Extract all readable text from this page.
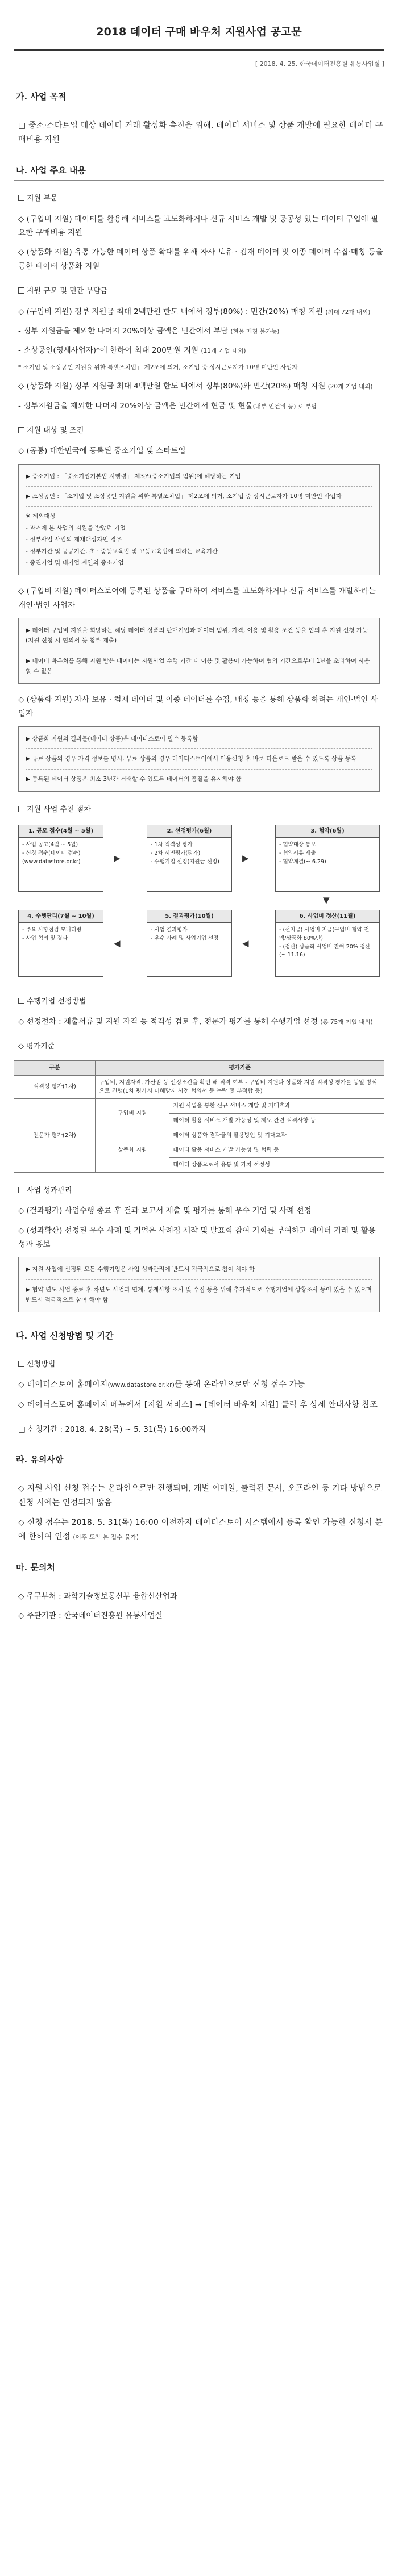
2018 데이터 구매 바우처 지원사업 공고문
[ 2018. 4. 25. 한국데이터진흥원 유통사업실 ]
가. 사업 목적
□ 중소·스타트업 대상 데이터 거래 활성화 촉진을 위해, 데이터 서비스 및 상품 개발에 필요한 데이터 구매비용 지원
나. 사업 주요 내용
지원 부문
◇ (구입비 지원) 데이터를 활용해 서비스를 고도화하거나 신규 서비스 개발 및 공공성 있는 데이터 구입에 필요한 구매비용 지원
◇ (상품화 지원) 유통 가능한 데이터 상품 확대를 위해 자사 보유 · 컴재 데이터 및 이종 데이터 수집·매칭 등을 통한 데이터 상품화 지원
지원 규모 및 민간 부담금
◇ (구입비 지원) 정부 지원금 최대 2백만원 한도 내에서 정부(80%) : 민간(20%) 매칭 지원 (최대 72개 내외)
- 정부 지원금을 제외한 나머지 20%이상 금액은 민간에서 부담 (현물 매칭 불가능)
- 소상공인(영세사업자)*에 한하여 최대 200만원 지원 (11개 기업 내외)
* 소기업 및 소상공인 지원을 위한 특별조치법」 제2조에 의거, 소기업 중 상시근로자가 10명 미만인 사업자
◇ (상품화 지원) 정부 지원금 최대 4백만원 한도 내에서 정부(80%)와 민간(20%) 매칭 지원 (20개 기업 내외)
- 정부지원금을 제외한 나머지 20%이상 금액은 민간에서 현금 및 현물(내부 인건비 등) 로 부담
지원 대상 및 조건
◇ (공통) 대한민국에 등록된 중소기업 및 스타트업

▶ 중소기업 : 「중소기업기본법 시행령」 제3조(중소기업의 범위)에 해당하는 기업

▶ 소상공인 : 「소기업 및 소상공인 지원을 위한 특별조치법」 제2조에 의거, 소기업 중 상시근로자가 10명 미만인 사업자

※ 제외대상

- 과거에 본 사업의 지원을 받았던 기업

- 정부사업 사업의 제재대상자인 경우

- 정부기관 및 공공기관, 초 · 중등교육법 및 고등교육법에 의하는 교육기관

- 중견기업 및 대기업 계열의 중소기업

◇ (구입비 지원) 데이터스토어에 등록된 상품을 구매하여 서비스를 고도화하거나 신규 서비스를 개발하려는 개인·법인 사업자

▶ 데이터 구입비 지원을 희망하는 해당 데이터 상품의 판매기업과 데이터 범위, 가격, 이용 및 활용 조건 등을 협의 후 지원 신청 가능(지원 신청 시 협의서 등 첨부 제출)

▶ 데이터 바우처를 통해 지원 받은 데이터는 지원사업 수행 기간 내 이용 및 활용이 가능하며 협의 기간으로부터 1년을 초과하여 사용 할 수 없음

◇ (상품화 지원) 자사 보유 · 컴재 데이터 및 이종 데이터를 수집, 매칭 등을 통해 상품화 하려는 개인·법인 사업자

▶ 상품화 지원의 결과물(데이터 상품)은 데이터스토어 필수 등록함

▶ 유료 상품의 경우 가격 정보를 명시, 무료 상품의 경우 데이터스토어에서 이용신청 후 바로 다운로드 받을 수 있도록 상품 등록

▶ 등록된 데이터 상품은 최소 3년간 거래할 수 있도록 데이터의 품질을 유지해야 함

지원 사업 추진 절차
1. 공모 접수(4월 ~ 5월)
- 사업 공고(4월 ~ 5월)
- 신청 접수(데이터 접수)
(www.datastore.or.kr)	▶
2. 선정평가(6월)
- 1차 적격성 평가
- 2차 서면평가(평가)
- 수행기업 선정(지원금 선정)	▶
3. 협약(6월)
- 협약대상 통보
- 협약서류 제출
- 협약체결(~ 6.29)
▼
4. 수행관리(7월 ~ 10월)
- 주요 사항점검 모니터링
- 사업 협의 및 결과	◀
5. 결과평가(10월)
- 사업 결과평가
- 우수 사례 및 사업기업 선정	◀
6. 사업비 정산(11월)
- (선지급) 사업비 지급(구입비 협약 전액/상품화 80%만)
- (정산) 상품화 사업비 잔여 20% 정산(~ 11.16)
수행기업 선정방법
◇ 선정절차 : 제출서류 및 지원 자격 등 적격성 검토 후, 전문가 평가를 통해 수행기업 선정 (총 75개 기업 내외)
◇ 평가기준
구분	평가기준	
적격성 평가(1차)	구입비, 지원자격, 가산점 등 선정조건을 확인 해 적격 여부 - 구입비 지원과 상품화 지원 적격성 평가를 동일 방식으로 진행(1차 평가시 미해당자 사전 협의서 등 누락 및 부적합 등)	
전문가 평가(2차)	구입비 지원	지원 사업을 통한 신규 서비스 개발 및 기대효과
		데이터 활용 서비스 개발 가능성 및 제도 관련 적격사항 등
	상품화 지원	데이터 상품화 결과물의 활용방안 및 기대효과
		데이터 활용 서비스 개발 가능성 및 협력 등
		데이터 상품으로서 유통 및 가치 적정성
사업 성과관리
◇ (결과평가) 사업수행 종료 후 결과 보고서 제출 및 평가를 통해 우수 기업 및 사례 선정
◇ (성과확산) 선정된 우수 사례 및 기업은 사례집 제작 및 발표회 참여 기회를 부여하고 데이터 거래 및 활용 성과 홍보

▶ 지원 사업에 선정된 모든 수행기업은 사업 성과관리에 반드시 적극적으로 참여 해야 함

▶ 협약 년도 사업 종료 후 차년도 사업과 연계, 통계사항 조사 및 수집 등을 위해 추가적으로 수행기업에 상황조사 등이 있을 수 있으며 반드시 적극적으로 참여 해야 함

다. 사업 신청방법 및 기간
신청방법
◇ 데이터스토어 홈페이지(www.datastore.or.kr)를 통해 온라인으로만 신청 접수 가능
◇ 데이터스토어 홈페이지 메뉴에서 [지원 서비스] → [데이터 바우처 지원] 클릭 후 상세 안내사항 참조
□ 신청기간 : 2018. 4. 28(목) ~ 5. 31(목) 16:00까지
라. 유의사항
◇ 지원 사업 신청 접수는 온라인으로만 진행되며, 개별 이메일, 출력된 문서, 오프라인 등 기타 방법으로 신청 시에는 인정되지 않음
◇ 신청 접수는 2018. 5. 31(목) 16:00 이전까지 데이터스토어 시스템에서 등록 확인 가능한 신청서 분에 한하여 인정 (이후 도착 본 접수 불가)
마. 문의처
◇ 주무부처 : 과학기술정보통신부 융합신산업과
◇ 주관기관 : 한국데이터진흥원 유통사업실
